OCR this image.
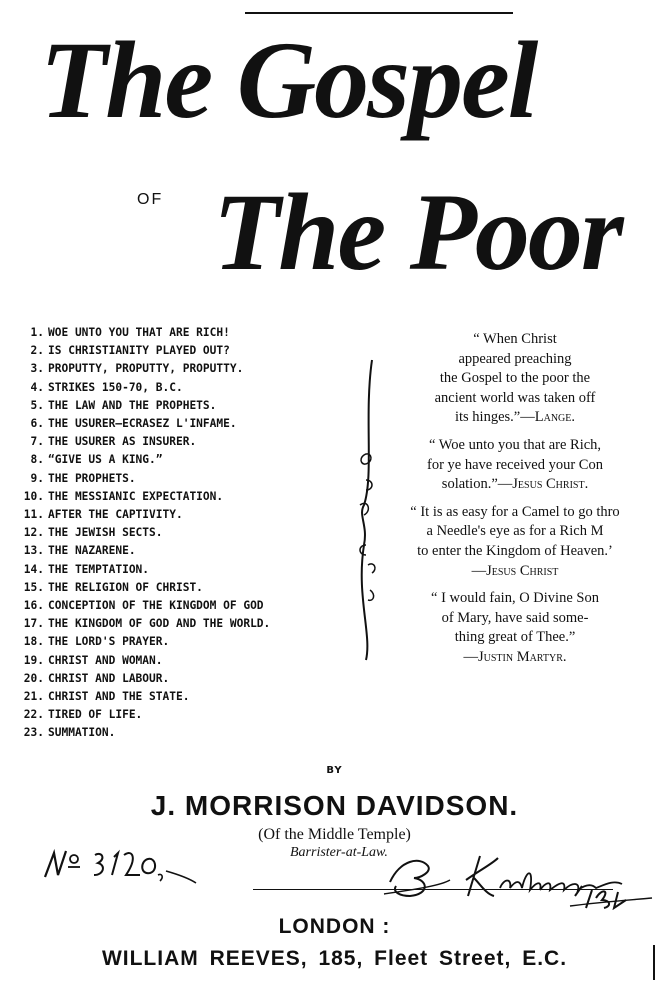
The Gospel
OF The Poor
1. WOE UNTO YOU THAT ARE RICH!
2. IS CHRISTIANITY PLAYED OUT?
3. PROPUTTY, PROPUTTY, PROPUTTY.
4. STRIKES 150-70, B.C.
5. THE LAW AND THE PROPHETS.
6. THE USURER—ECRASEZ L'INFAME.
7. THE USURER AS INSURER.
8. “GIVE US A KING.”
9. THE PROPHETS.
10. THE MESSIANIC EXPECTATION.
11. AFTER THE CAPTIVITY.
12. THE JEWISH SECTS.
13. THE NAZARENE.
14. THE TEMPTATION.
15. THE RELIGION OF CHRIST.
16. CONCEPTION OF THE KINGDOM OF GOD
17. THE KINGDOM OF GOD AND THE WORLD.
18. THE LORD'S PRAYER.
19. CHRIST AND WOMAN.
20. CHRIST AND LABOUR.
21. CHRIST AND THE STATE.
22. TIRED OF LIFE.
23. SUMMATION.

“ When Christ
appeared preaching
the Gospel to the poor the
ancient world was taken off
its hinges.”—Lange.

“ Woe unto you that are Rich,
for ye have received your Con
solation.”—Jesus Christ.

“ It is as easy for a Camel to go thro
a Needle's eye as for a Rich M
to enter the Kingdom of Heaven.’
—Jesus Christ

“ I would fain, O Divine Son
of Mary, have said some-
thing great of Thee.”
—Justin Martyr.

BY
J. MORRISON DAVIDSON.
(Of the Middle Temple)
Barrister-at-Law.
LONDON :
WILLIAM REEVES, 185, Fleet Street, E.C.
